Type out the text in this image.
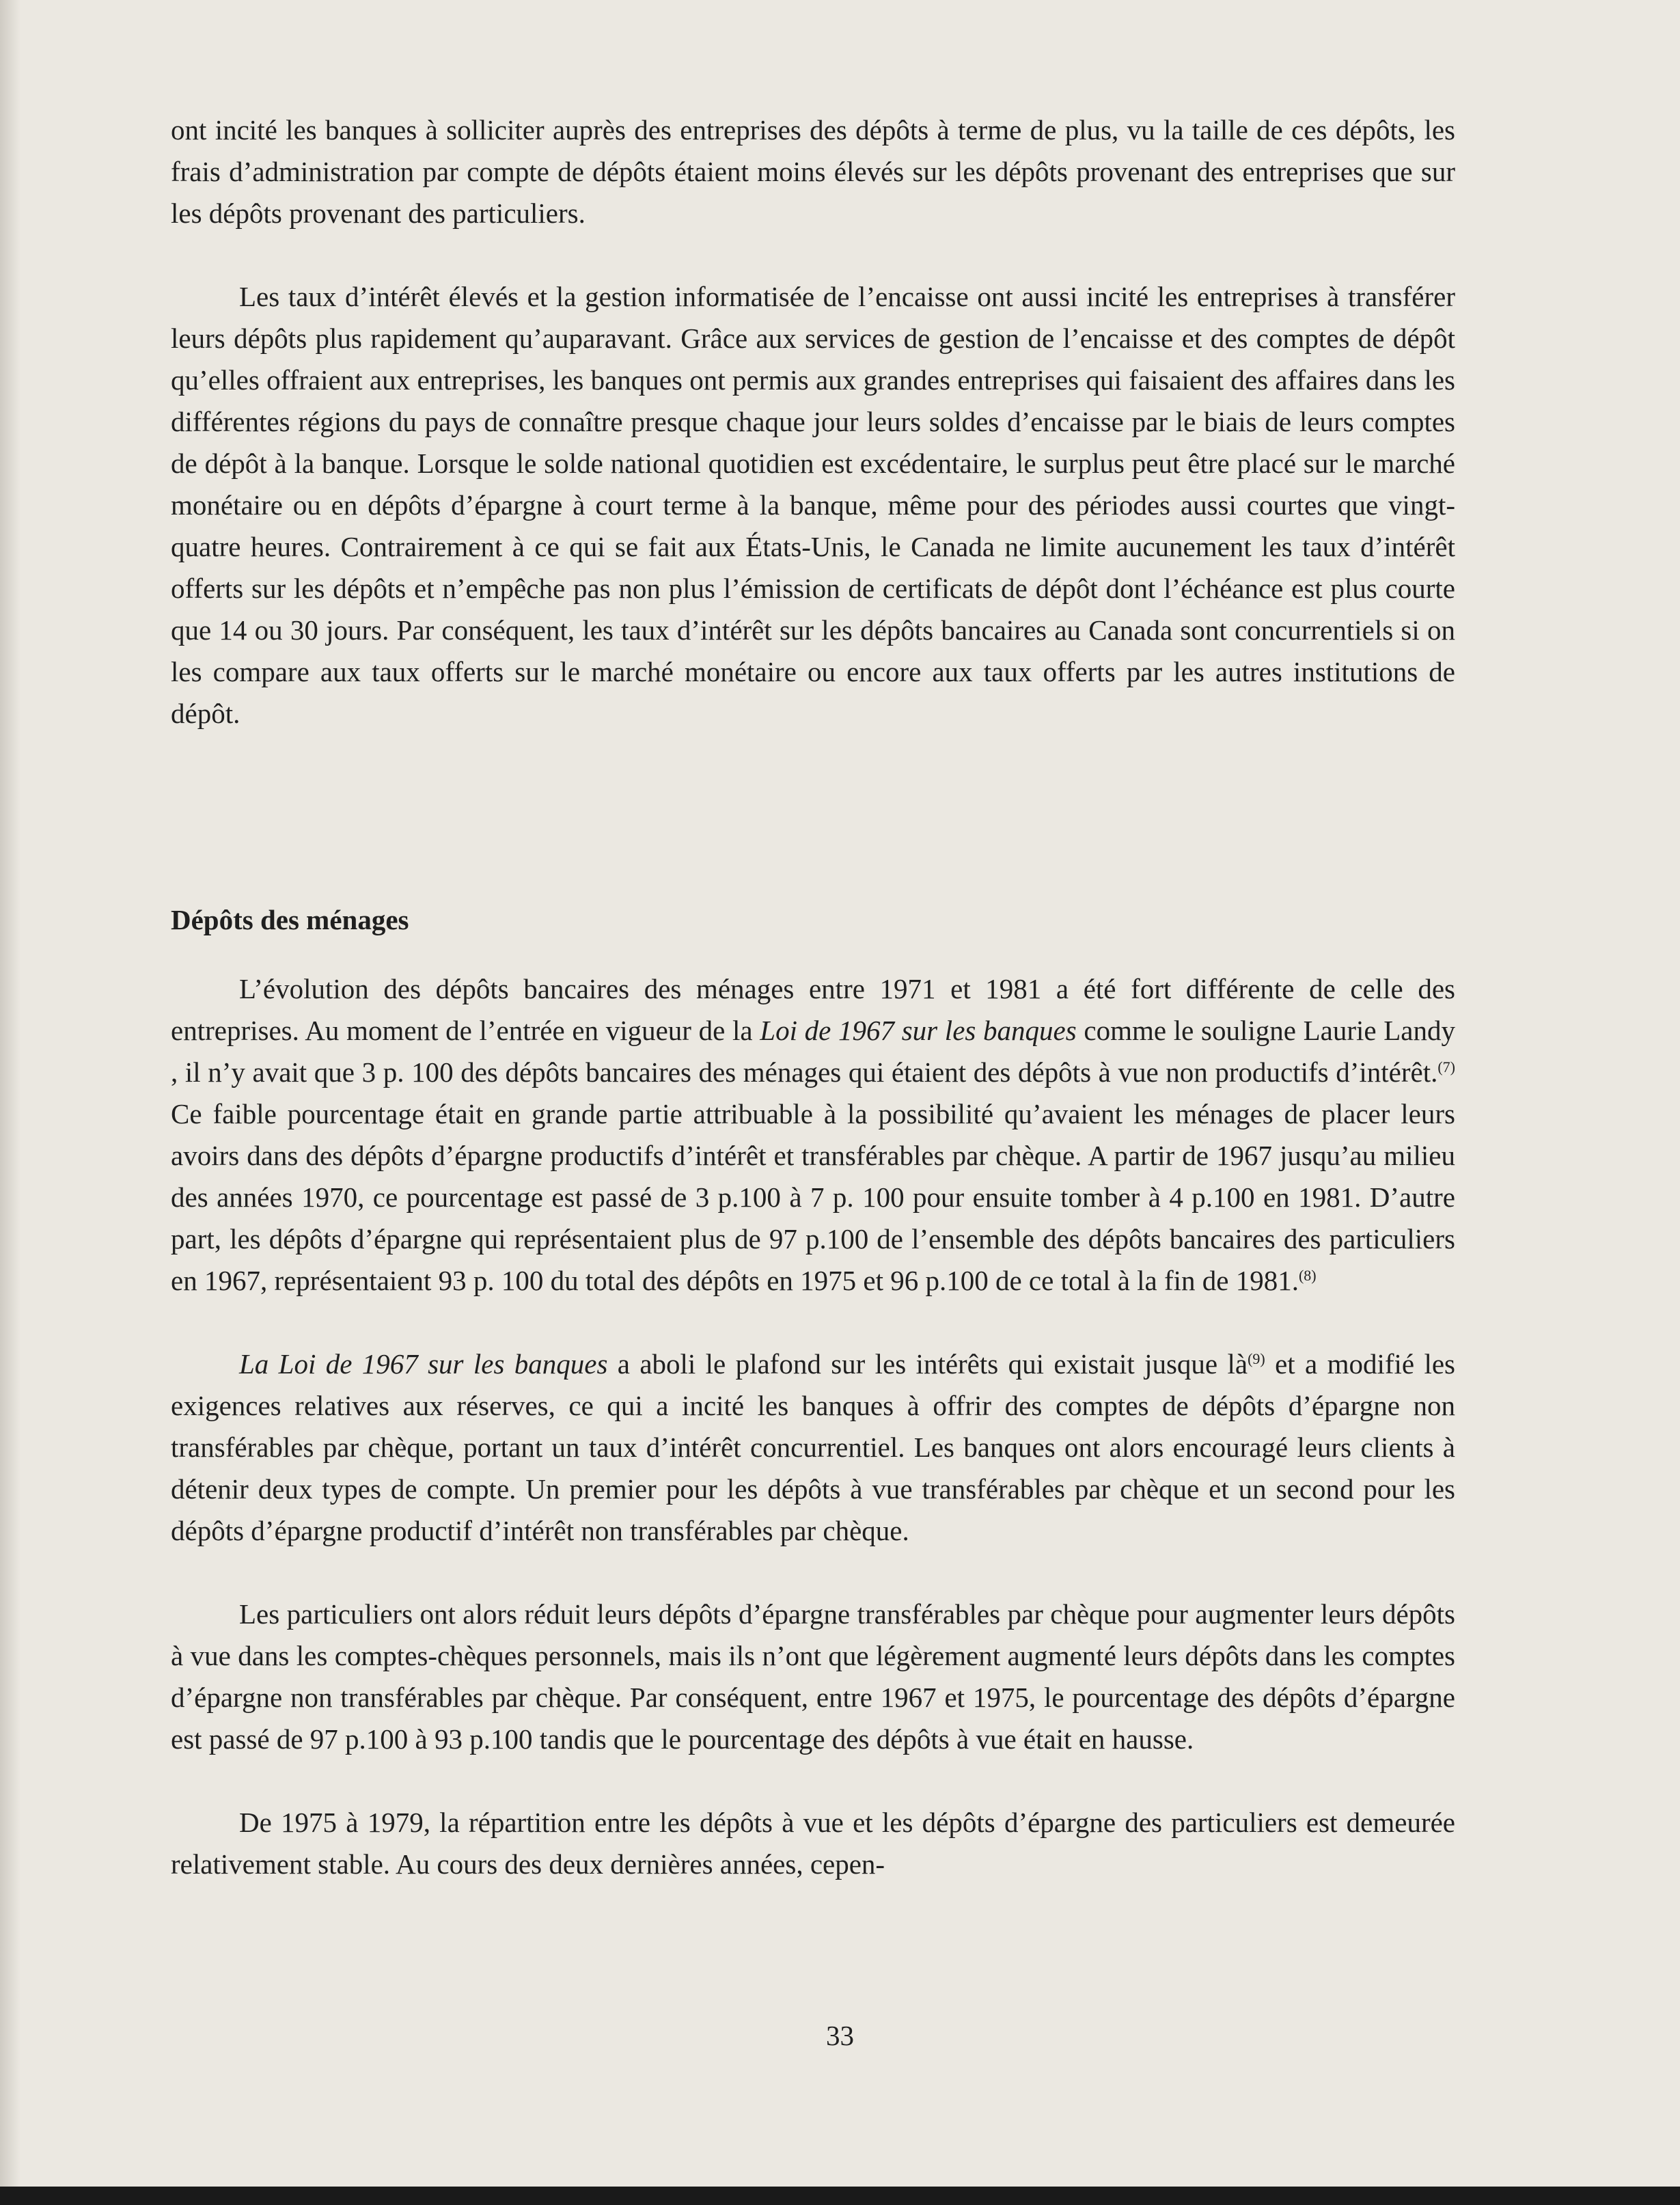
ont incité les banques à solliciter auprès des entreprises des dépôts à terme de plus, vu la taille de ces dépôts, les frais d’administration par compte de dépôts étaient moins élevés sur les dépôts provenant des entreprises que sur les dépôts provenant des particuliers.

Les taux d’intérêt élevés et la gestion informatisée de l’encaisse ont aussi incité les entreprises à transférer leurs dépôts plus rapidement qu’auparavant. Grâce aux services de gestion de l’encaisse et des comptes de dépôt qu’elles offraient aux entreprises, les banques ont permis aux grandes entreprises qui faisaient des affaires dans les différentes régions du pays de connaître presque chaque jour leurs soldes d’encaisse par le biais de leurs comptes de dépôt à la banque. Lorsque le solde national quotidien est excédentaire, le surplus peut être placé sur le marché monétaire ou en dépôts d’épargne à court terme à la banque, même pour des périodes aussi courtes que vingt-quatre heures. Contrairement à ce qui se fait aux États-Unis, le Canada ne limite aucunement les taux d’intérêt offerts sur les dépôts et n’empêche pas non plus l’émission de certificats de dépôt dont l’échéance est plus courte que 14 ou 30 jours. Par conséquent, les taux d’intérêt sur les dépôts bancaires au Canada sont concurrentiels si on les compare aux taux offerts sur le marché monétaire ou encore aux taux offerts par les autres institutions de dépôt.

Dépôts des ménages

L’évolution des dépôts bancaires des ménages entre 1971 et 1981 a été fort différente de celle des entreprises. Au moment de l’entrée en vigueur de la Loi de 1967 sur les banques comme le souligne Laurie Landy , il n’y avait que 3 p. 100 des dépôts bancaires des ménages qui étaient des dépôts à vue non productifs d’intérêt.$^{(7)}$ Ce faible pourcentage était en grande partie attribuable à la possibilité qu’avaient les ménages de placer leurs avoirs dans des dépôts d’épargne productifs d’intérêt et transférables par chèque. A partir de 1967 jusqu’au milieu des années 1970, ce pourcentage est passé de 3 p.100 à 7 p. 100 pour ensuite tomber à 4 p.100 en 1981. D’autre part, les dépôts d’épargne qui représentaient plus de 97 p.100 de l’ensemble des dépôts bancaires des particuliers en 1967, représentaient 93 p. 100 du total des dépôts en 1975 et 96 p.100 de ce total à la fin de 1981.$^{(8)}$

La Loi de 1967 sur les banques a aboli le plafond sur les intérêts qui existait jusque $là^{(9)}$ et a modifié les exigences relatives aux réserves, ce qui a incité les banques à offrir des comptes de dépôts d’épargne non transférables par chèque, portant un taux d’intérêt concurrentiel. Les banques ont alors encouragé leurs clients à détenir deux types de compte. Un premier pour les dépôts à vue transférables par chèque et un second pour les dépôts d’épargne productif d’intérêt non transférables par chèque.

Les particuliers ont alors réduit leurs dépôts d’épargne transférables par chèque pour augmenter leurs dépôts à vue dans les comptes-chèques personnels, mais ils n’ont que légèrement augmenté leurs dépôts dans les comptes d’épargne non transférables par chèque. Par conséquent, entre 1967 et 1975, le pourcentage des dépôts d’épargne est passé de 97 p.100 à 93 p.100 tandis que le pourcentage des dépôts à vue était en hausse.

De 1975 à 1979, la répartition entre les dépôts à vue et les dépôts d’épargne des particuliers est demeurée relativement stable. Au cours des deux dernières années, cepen-

33
